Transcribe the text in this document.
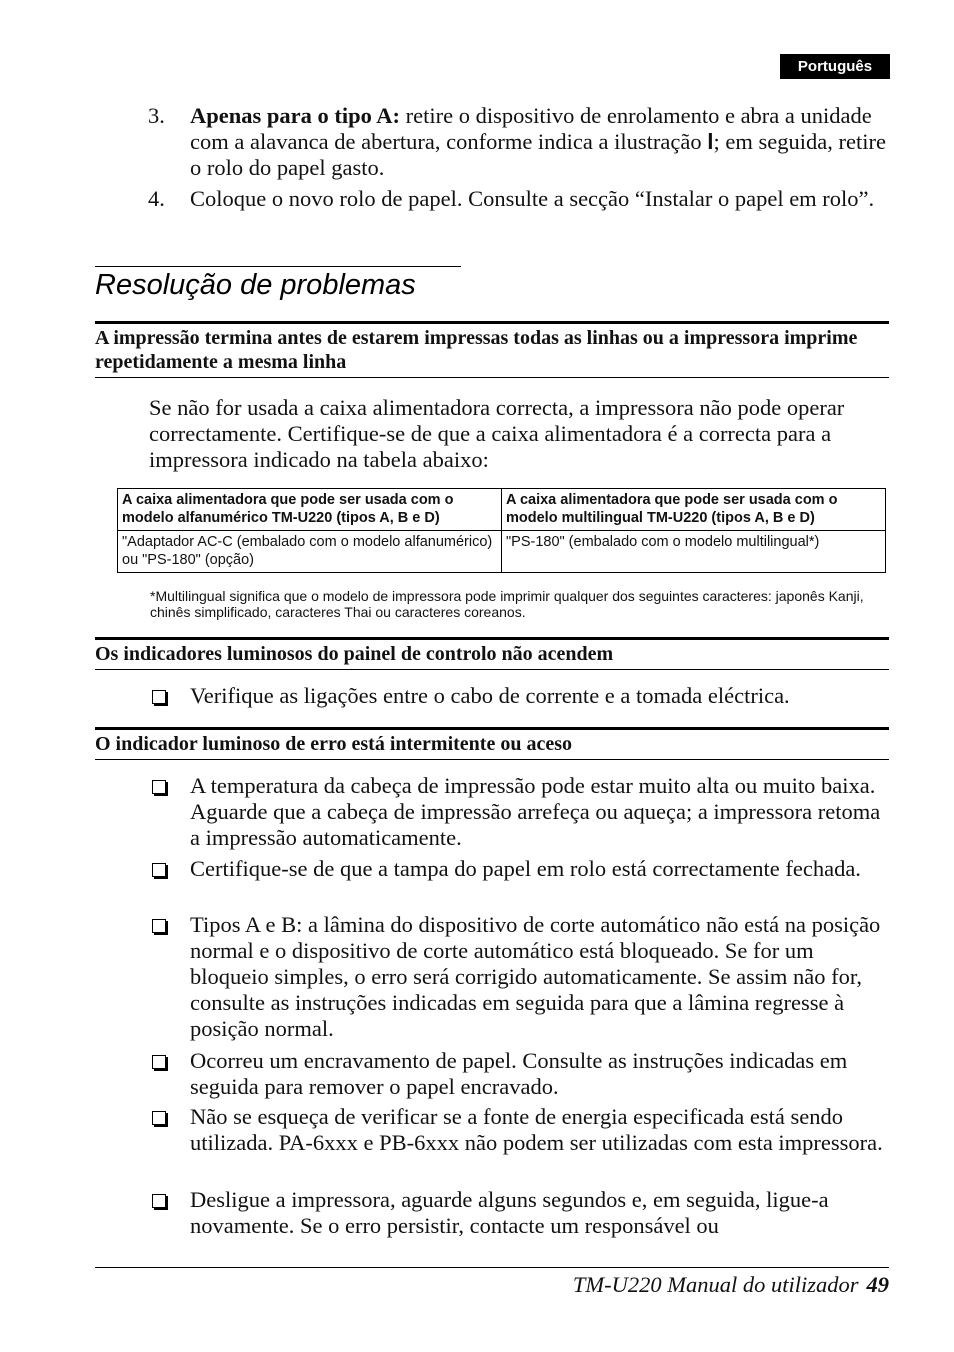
Português
3. Apenas para o tipo A: retire o dispositivo de enrolamento e abra a unidade com a alavanca de abertura, conforme indica a ilustração l; em seguida, retire o rolo do papel gasto.
4. Coloque o novo rolo de papel. Consulte a secção “Instalar o papel em rolo”.
Resolução de problemas
A impressão termina antes de estarem impressas todas as linhas ou a impressora imprime repetidamente a mesma linha
Se não for usada a caixa alimentadora correcta, a impressora não pode operar correctamente. Certifique-se de que a caixa alimentadora é a correcta para a impressora indicado na tabela abaixo:
A caixa alimentadora que pode ser usada com o modelo alfanumérico TM-U220 (tipos A, B e D)	A caixa alimentadora que pode ser usada com o modelo multilingual TM-U220 (tipos A, B e D)
"Adaptador AC-C (embalado com o modelo alfanumérico) ou "PS-180" (opção)	"PS-180" (embalado com o modelo multilingual*)
*Multilingual significa que o modelo de impressora pode imprimir qualquer dos seguintes caracteres: japonês Kanji, chinês simplificado, caracteres Thai ou caracteres coreanos.
Os indicadores luminosos do painel de controlo não acendem
Verifique as ligações entre o cabo de corrente e a tomada eléctrica.
O indicador luminoso de erro está intermitente ou aceso
A temperatura da cabeça de impressão pode estar muito alta ou muito baixa. Aguarde que a cabeça de impressão arrefeça ou aqueça; a impressora retoma a impressão automaticamente.
Certifique-se de que a tampa do papel em rolo está correctamente fechada.
Tipos A e B: a lâmina do dispositivo de corte automático não está na posição normal e o dispositivo de corte automático está bloqueado. Se for um bloqueio simples, o erro será corrigido automaticamente. Se assim não for, consulte as instruções indicadas em seguida para que a lâmina regresse à posição normal.
Ocorreu um encravamento de papel. Consulte as instruções indicadas em seguida para remover o papel encravado.
Não se esqueça de verificar se a fonte de energia especificada está sendo utilizada. PA-6xxx e PB-6xxx não podem ser utilizadas com esta impressora.
Desligue a impressora, aguarde alguns segundos e, em seguida, ligue-a novamente. Se o erro persistir, contacte um responsável ou
TM-U220 Manual do utilizador 49
